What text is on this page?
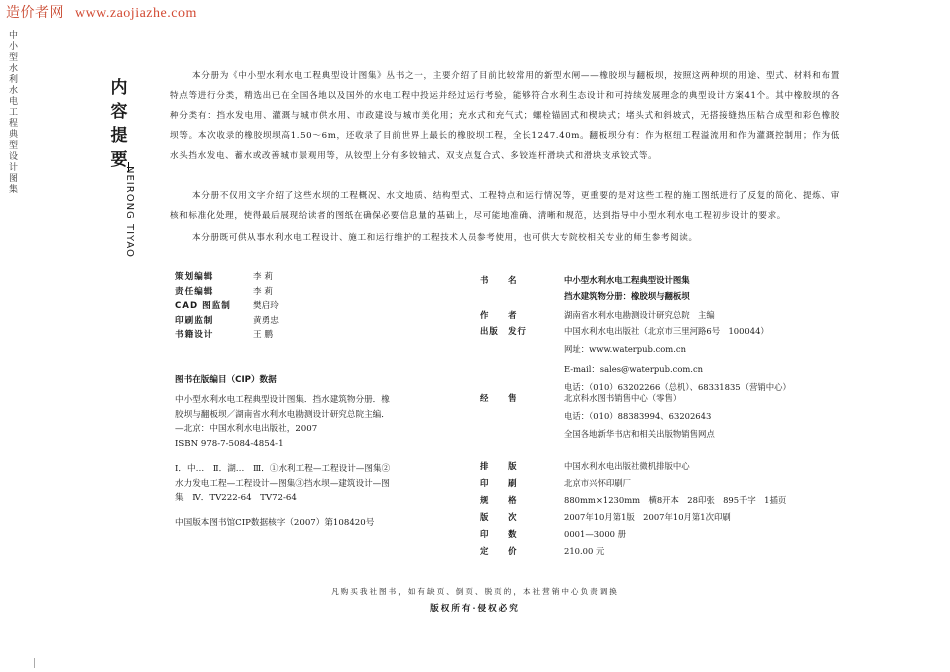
造价者网 www.zaojiazhe.com
中小型水利水电工程典型设计图集	内容提要
NEIRONG TIYAO
本分册为《中小型水利水电工程典型设计图集》丛书之一，主要介绍了目前比较常用的新型水闸——橡胶坝与翻板坝，按照这两种坝的用途、型式、材料和布置特点等进行分类，精选出已在全国各地以及国外的水电工程中投运并经过运行考验，能够符合水利生态设计和可持续发展理念的典型设计方案41个。其中橡胶坝的各种分类有：挡水发电用、灌溉与城市供水用、市政建设与城市美化用；充水式和充气式；螺栓锚固式和楔块式；堵头式和斜坡式，无搭接缝热压粘合成型和彩色橡胶坝等。本次收录的橡胶坝坝高1.50～6m，还收录了目前世界上最长的橡胶坝工程，全长1247.40m。翻板坝分有：作为枢纽工程溢流用和作为灌溉控制用；作为低水头挡水发电、蓄水或改善城市景观用等，从铰型上分有多铰轴式、双支点复合式、多铰连杆滑块式和滑块支承铰式等。
本分册不仅用文字介绍了这些水坝的工程概况、水文地质、结构型式、工程特点和运行情况等，更重要的是对这些工程的施工图纸进行了反复的简化、提炼、审核和标准化处理，使得最后展现给读者的图纸在确保必要信息量的基础上，尽可能地准确、清晰和规范，达到指导中小型水利水电工程初步设计的要求。
本分册既可供从事水利水电工程设计、施工和运行维护的工程技术人员参考使用，也可供大专院校相关专业的师生参考阅读。
策划编辑	李 莉
责任编辑	李 莉
CAD 图监制	樊启玲
印刷监制	黄勇忠
书籍设计	王 鹏
图书在版编目（CIP）数据
中小型水利水电工程典型设计图集．挡水建筑物分册．橡胶坝与翻板坝／湖南省水利水电勘测设计研究总院主编．—北京：中国水利水电出版社，2007
ISBN 978-7-5084-4854-1
Ⅰ．中…　Ⅱ．湖…　Ⅲ．①水利工程—工程设计—图集②水力发电工程—工程设计—图集③挡水坝—建筑设计—图集　Ⅳ．TV222-64　TV72-64
中国版本图书馆CIP数据核字（2007）第108420号
书　　名	中小型水利水电工程典型设计图集
挡水建筑物分册：橡胶坝与翻板坝
作　　者	湖南省水利水电勘测设计研究总院　主编
出版　发行	中国水利水电出版社（北京市三里河路6号　100044）
网址：www.waterpub.com.cn
E-mail：sales@waterpub.com.cn
电话：（010）63202266（总机）、68331835（营销中心）
经　　售	北京科水图书销售中心（零售）
电话：（010）88383994、63202643
全国各地新华书店和相关出版物销售网点
排　　版	中国水利水电出版社微机排版中心
印　　刷	北京市兴怀印刷厂
规　　格	880mm×1230mm　横8开本　28印张　895千字　1插页
版　　次	2007年10月第1版　2007年10月第1次印刷
印　　数	0001—3000 册
定　　价	210.00 元
凡购买我社图书，如有缺页、倒页、脱页的，本社营销中心负责调换
版权所有·侵权必究
